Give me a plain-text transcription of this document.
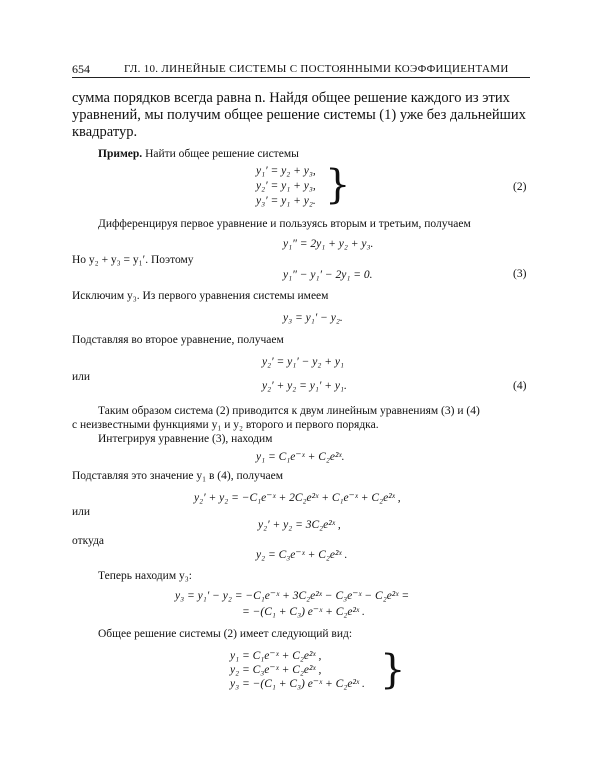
654	ГЛ. 10. ЛИНЕЙНЫЕ СИСТЕМЫ С ПОСТОЯННЫМИ КОЭФФИЦИЕНТАМИ
сумма порядков всегда равна n. Найдя общее решение каждого из этих
уравнений, мы получим общее решение системы (1) уже без дальнейших
квадратур.
Пример. Найти общее решение системы
y₁′ = y₂ + y₃,
y₂′ = y₁ + y₃,
y₃′ = y₁ + y₂. }	(2)
Дифференцируя первое уравнение и пользуясь вторым и третьим, получаем
y₁″ = 2y₁ + y₂ + y₃.
Но y₂ + y₃ = y₁′. Поэтому
y₁″ − y₁′ − 2y₁ = 0.	(3)
Исключим y₃. Из первого уравнения системы имеем
y₃ = y₁′ − y₂.
Подставляя во второе уравнение, получаем
y₂′ = y₁′ − y₂ + y₁
или
y₂′ + y₂ = y₁′ + y₁.	(4)
Таким образом система (2) приводится к двум линейным уравнениям (3) и (4)
с неизвестными функциями y₁ и y₂ второго и первого порядка.
Интегрируя уравнение (3), находим
y₁ = C₁e⁻ˣ + C₂e²ˣ.
Подставляя это значение y₁ в (4), получаем
y₂′ + y₂ = −C₁e⁻ˣ + 2C₂e²ˣ + C₁e⁻ˣ + C₂e²ˣ ,
или
y₂′ + y₂ = 3C₂e²ˣ ,
откуда
y₂ = C₃e⁻ˣ + C₂e²ˣ .
Теперь находим y₃:
y₃ = y₁′ − y₂ = −C₁e⁻ˣ + 3C₂e²ˣ − C₃e⁻ˣ − C₂e²ˣ =
= −(C₁ + C₃) e⁻ˣ + C₂e²ˣ .
Общее решение системы (2) имеет следующий вид:
y₁ = C₁e⁻ˣ + C₂e²ˣ ,
y₂ = C₃e⁻ˣ + C₂e²ˣ ,
y₃ = −(C₁ + C₃) e⁻ˣ + C₂e²ˣ . }
